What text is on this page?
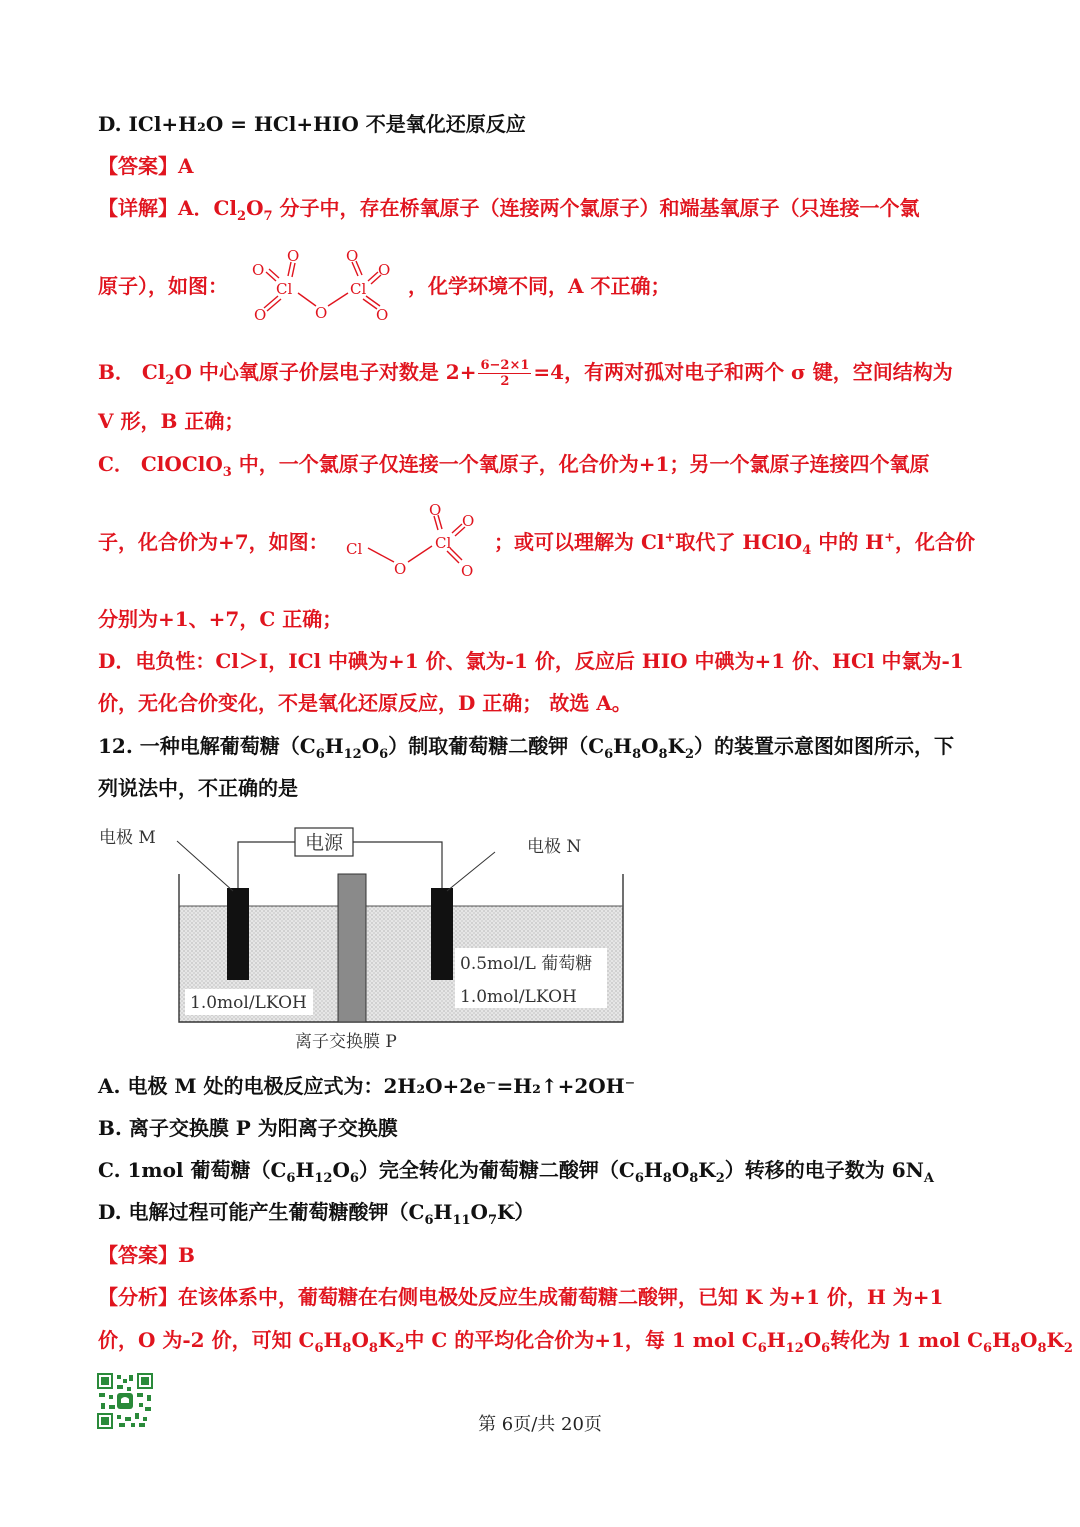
D. ICl+H₂O = HCl+HIO 不是氧化还原反应
【答案】A
【详解】A．$Cl_2O_7$ 分子中，存在桥氧原子（连接两个氯原子）和端基氧原子（只连接一个氯
原子），如图：
O
O
Cl
O	O
O
O
Cl
O
，化学环境不同，A 不正确；
B． $Cl_2O$ 中心氧原子价层电子对数是 $2+ \frac{6-2\times 1}{2} =4$，有两对孤对电子和两个 σ 键，空间结构为
V 形，B 正确；
C． ClOClO$_3$ 中，一个氯原子仅连接一个氧原子，化合价为+1；另一个氯原子连接四个氧原
子，化合价为+7，如图： Cl
O
O
O
Cl
O
；或可以理解为 Cl+取代了 HClO$_4$ 中的 H+，化合价
分别为+1、+7，C 正确；
D．电负性：Cl＞I，ICl 中碘为+1 价、氯为-1 价，反应后 HIO 中碘为+1 价、HCl 中氯为-1
价，无化合价变化，不是氧化还原反应，D 正确； 故选 A。
12. 一种电解葡萄糖$(C_6H_{12}O_6)$制取葡萄糖二酸钾$(C_6H_8O_8K_2)$的装置示意图如图所示，下
列说法中，不正确的是
电源
电极 M	电极 N
1.0mol/LKOH
0.5mol/L 葡萄糖
1.0mol/LKOH
离子交换膜 P
A. 电极 M 处的电极反应式为：2H₂O+2e⁻=H₂↑+2OH⁻
B. 离子交换膜 P 为阳离子交换膜
C. 1mol 葡萄糖$(C_6H_{12}O_6)$完全转化为葡萄糖二酸钾$(C_6H_8O_8K_2)$转移的电子数为 $6N_A$
D. 电解过程可能产生葡萄糖酸钾$(C_6H_{11}O_7K)$
【答案】B
【分析】在该体系中，葡萄糖在右侧电极处反应生成葡萄糖二酸钾，已知 K 为+1 价，H 为+1
价，O 为-2 价，可知 $C_6H_8O_8K_2$中 C 的平均化合价为+1，每 1 mol $C_6H_{12}O_6$转化为 1 mol $C_6H_8O_8K_2$
第 6页/共 20页
